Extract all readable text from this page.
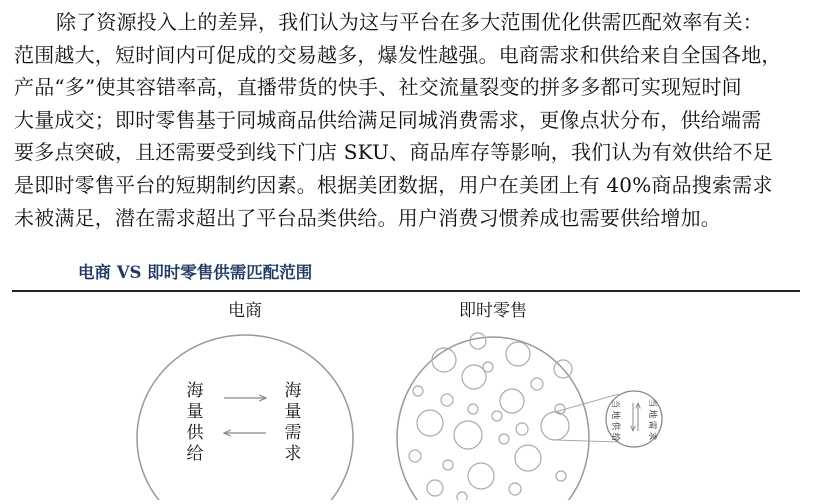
除了资源投入上的差异，我们认为这与平台在多大范围优化供需匹配效率有关：
范围越大，短时间内可促成的交易越多，爆发性越强。电商需求和供给来自全国各地，
产品“多”使其容错率高，直播带货的快手、社交流量裂变的拼多多都可实现短时间
大量成交；即时零售基于同城商品供给满足同城消费需求，更像点状分布，供给端需
要多点突破，且还需要受到线下门店 SKU、商品库存等影响，我们认为有效供给不足
是即时零售平台的短期制约因素。根据美团数据，用户在美团上有 40%商品搜索需求
未被满足，潜在需求超出了平台品类供给。用户消费习惯养成也需要供给增加。
电商 VS 即时零售供需匹配范围
电商
海
量
供
给
海
量
需
求
即时零售
当
地
供
给
当
地
需
求
